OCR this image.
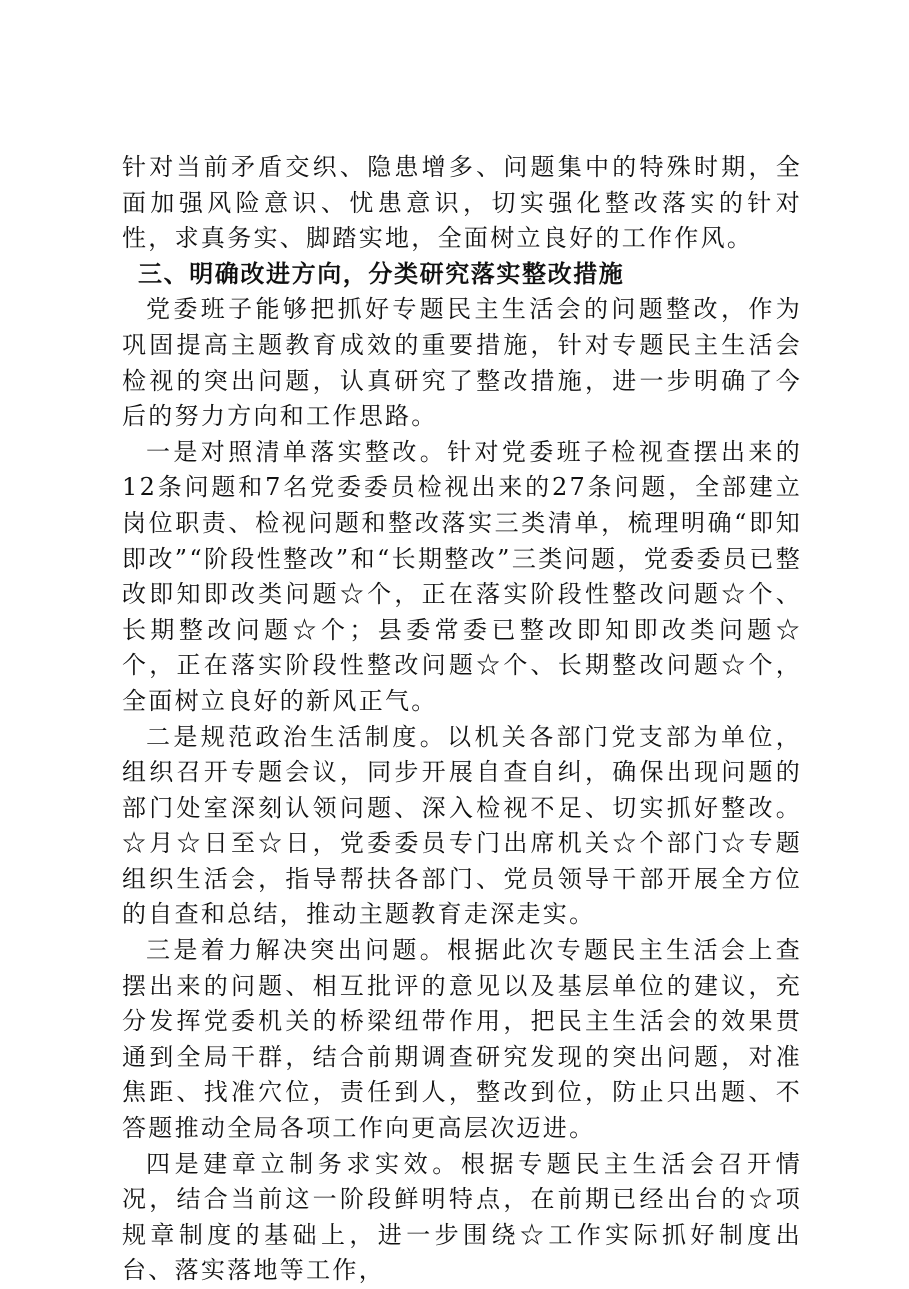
针对当前矛盾交织、隐患增多、问题集中的特殊时期，全面加强风险意识、忧患意识，切实强化整改落实的针对性，求真务实、脚踏实地，全面树立良好的工作作风。

三、明确改进方向，分类研究落实整改措施

党委班子能够把抓好专题民主生活会的问题整改，作为巩固提高主题教育成效的重要措施，针对专题民主生活会检视的突出问题，认真研究了整改措施，进一步明确了今后的努力方向和工作思路。

一是对照清单落实整改。针对党委班子检视查摆出来的12条问题和7名党委委员检视出来的27条问题，全部建立岗位职责、检视问题和整改落实三类清单，梳理明确“即知即改”“阶段性整改”和“长期整改”三类问题，党委委员已整改即知即改类问题☆个，正在落实阶段性整改问题☆个、长期整改问题☆个；县委常委已整改即知即改类问题☆个，正在落实阶段性整改问题☆个、长期整改问题☆个，全面树立良好的新风正气。

二是规范政治生活制度。以机关各部门党支部为单位，组织召开专题会议，同步开展自查自纠，确保出现问题的部门处室深刻认领问题、深入检视不足、切实抓好整改。☆月☆日至☆日，党委委员专门出席机关☆个部门☆专题组织生活会，指导帮扶各部门、党员领导干部开展全方位的自查和总结，推动主题教育走深走实。

三是着力解决突出问题。根据此次专题民主生活会上查摆出来的问题、相互批评的意见以及基层单位的建议，充分发挥党委机关的桥梁纽带作用，把民主生活会的效果贯通到全局干群，结合前期调查研究发现的突出问题，对准焦距、找准穴位，责任到人，整改到位，防止只出题、不答题推动全局各项工作向更高层次迈进。

四是建章立制务求实效。根据专题民主生活会召开情况，结合当前这一阶段鲜明特点，在前期已经出台的☆项规章制度的基础上，进一步围绕☆工作实际抓好制度出台、落实落地等工作，
